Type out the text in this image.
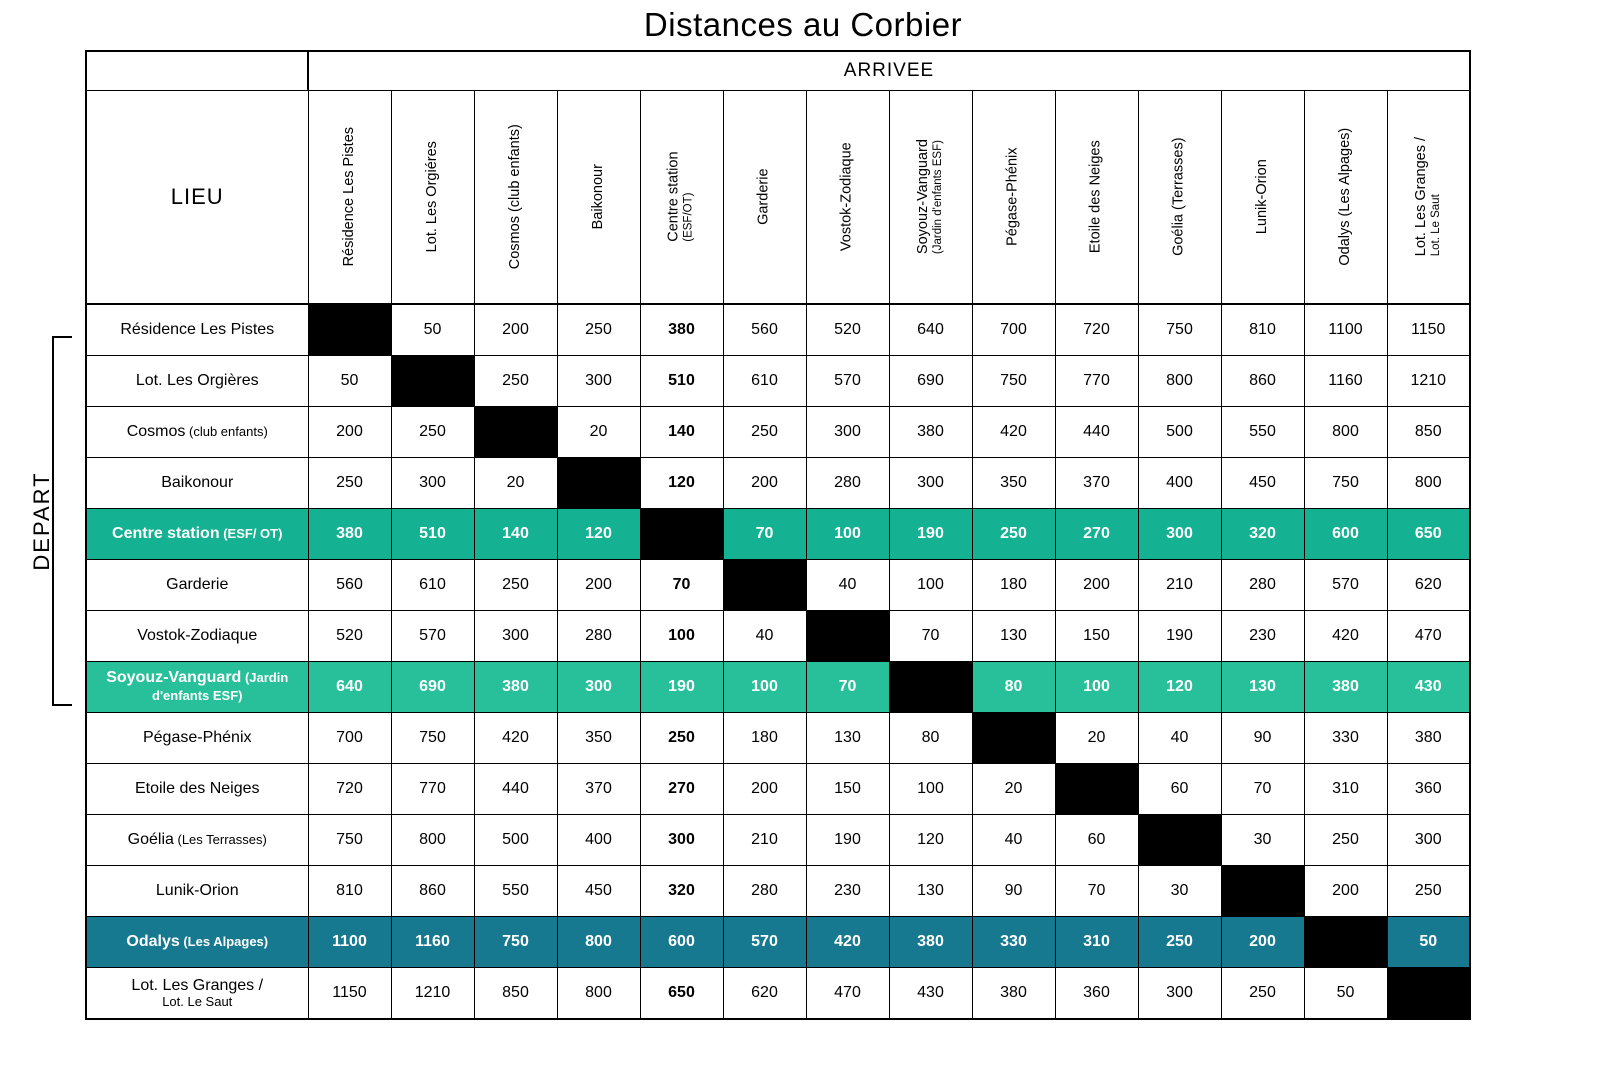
Distances au Corbier
DEPART
	ARRIVEE													
LIEU	Résidence Les Pistes	Lot. Les Orgiéres	Cosmos (club enfants)	Baikonour	Centre station (ESF/OT)	Garderie	Vostok-Zodiaque	Soyouz-Vanguard (Jardin d'enfants ESF)	Pégase-Phénix	Etoile des Neiges	Goélia (Terrasses)	Lunik-Orion	Odalys (Les Alpages)	Lot. Les Granges / Lot. Le Saut

Résidence Les Pistes		50	200	250	380	560	520	640	700	720	750	810	1100	1150
Lot. Les Orgières	50		250	300	510	610	570	690	750	770	800	860	1160	1210
Cosmos (club enfants)	200	250		20	140	250	300	380	420	440	500	550	800	850
Baikonour	250	300	20		120	200	280	300	350	370	400	450	750	800
Centre station (ESF/ OT)	380	510	140	120		70	100	190	250	270	300	320	600	650
Garderie	560	610	250	200	70		40	100	180	200	210	280	570	620
Vostok-Zodiaque	520	570	300	280	100	40		70	130	150	190	230	420	470
Soyouz-Vanguard (Jardin d'enfants ESF)	640	690	380	300	190	100	70		80	100	120	130	380	430
Pégase-Phénix	700	750	420	350	250	180	130	80		20	40	90	330	380
Etoile des Neiges	720	770	440	370	270	200	150	100	20		60	70	310	360
Goélia (Les Terrasses)	750	800	500	400	300	210	190	120	40	60		30	250	300
Lunik-Orion	810	860	550	450	320	280	230	130	90	70	30		200	250
Odalys (Les Alpages)	1100	1160	750	800	600	570	420	380	330	310	250	200		50
Lot. Les Granges /
Lot. Le Saut	1150	1210	850	800	650	620	470	430	380	360	300	250	50	
